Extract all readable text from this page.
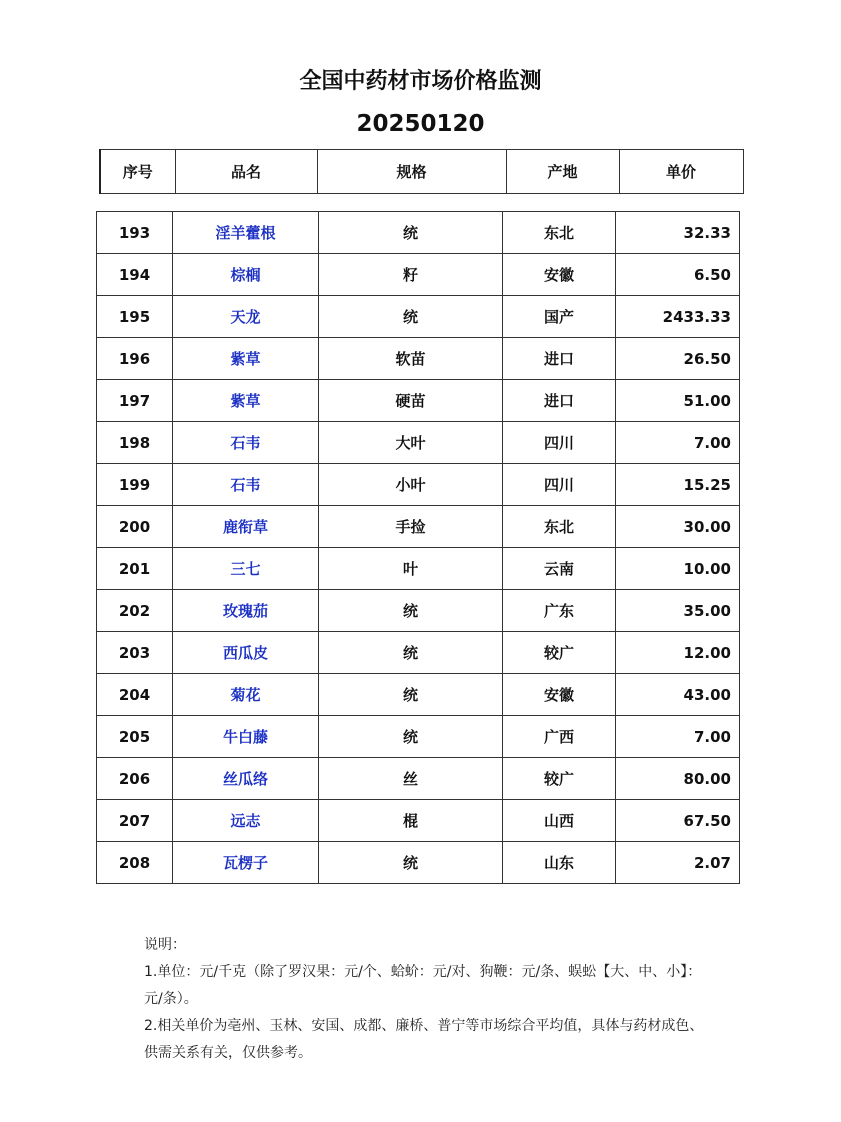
全国中药材市场价格监测
20250120
序号	品名	规格	产地	单价
193	淫羊藿根	统	东北	32.33
194	棕榈	籽	安徽	6.50
195	天龙	统	国产	2433.33
196	紫草	软苗	进口	26.50
197	紫草	硬苗	进口	51.00
198	石韦	大叶	四川	7.00
199	石韦	小叶	四川	15.25
200	鹿衔草	手捡	东北	30.00
201	三七	叶	云南	10.00
202	玫瑰茄	统	广东	35.00
203	西瓜皮	统	较广	12.00
204	菊花	统	安徽	43.00
205	牛白藤	统	广西	7.00
206	丝瓜络	丝	较广	80.00
207	远志	棍	山西	67.50
208	瓦楞子	统	山东	2.07

说明：

1.单位：元/千克（除了罗汉果：元/个、蛤蚧：元/对、狗鞭：元/条、蜈蚣【大、中、小】：元/条）。

2.相关单价为亳州、玉林、安国、成都、廉桥、普宁等市场综合平均值，具体与药材成色、供需关系有关，仅供参考。
